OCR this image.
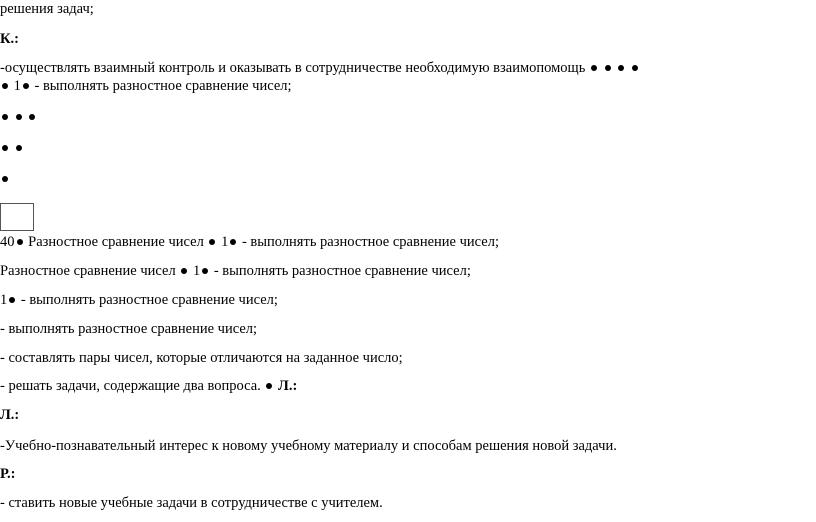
решения задач;
К.:
-осуществлять взаимный контроль и оказывать в сотрудничестве необходимую взаимопомощь
1 - выполнять разностное сравнение чисел;

40 Разностное сравнение чисел  1 - выполнять разностное сравнение чисел;
Разностное сравнение чисел  1 - выполнять разностное сравнение чисел;
1 - выполнять разностное сравнение чисел;
- выполнять разностное сравнение чисел;
- составлять пары чисел, которые отличаются на заданное число;
- решать задачи, содержащие два вопроса.  Л.:
Л.:
-Учебно-познавательный интерес к новому учебному материалу и способам решения новой задачи.
Р.:
- ставить новые учебные задачи в сотрудничестве с учителем.
